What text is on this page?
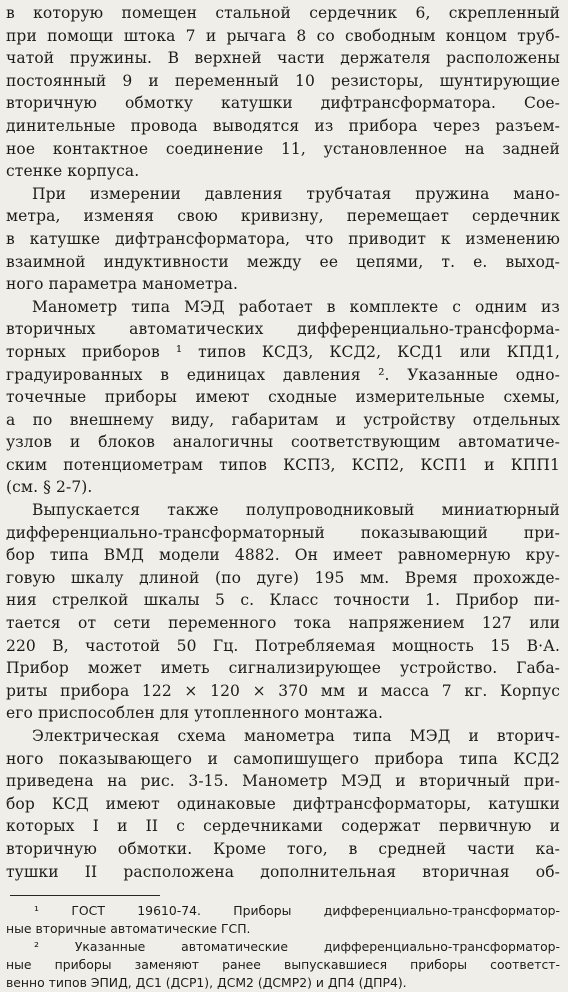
в которую помещен стальной сердечник 6, скрепленный
при помощи штока 7 и рычага 8 со свободным концом труб-
чатой пружины. В верхней части держателя расположены
постоянный 9 и переменный 10 резисторы, шунтирующие
вторичную обмотку катушки дифтрансформатора. Сое-
динительные провода выводятся из прибора через разъем-
ное контактное соединение 11, установленное на задней
стенке корпуса.
При измерении давления трубчатая пружина мано-
метра, изменяя свою кривизну, перемещает сердечник
в катушке дифтрансформатора, что приводит к изменению
взаимной индуктивности между ее цепями, т. е. выход-
ного параметра манометра.
Манометр типа МЭД работает в комплекте с одним из
вторичных автоматических дифференциально-трансформа-
торных приборов ¹ типов КСДЗ, КСД2, КСД1 или КПД1,
градуированных в единицах давления ². Указанные одно-
точечные приборы имеют сходные измерительные схемы,
а по внешнему виду, габаритам и устройству отдельных
узлов и блоков аналогичны соответствующим автоматиче-
ским потенциометрам типов КСПЗ, КСП2, КСП1 и КПП1
(см. § 2-7).
Выпускается также полупроводниковый миниатюрный
дифференциально-трансформаторный показывающий при-
бор типа ВМД модели 4882. Он имеет равномерную кру-
говую шкалу длиной (по дуге) 195 мм. Время прохожде-
ния стрелкой шкалы 5 с. Класс точности 1. Прибор пи-
тается от сети переменного тока напряжением 127 или
220 В, частотой 50 Гц. Потребляемая мощность 15 В·А.
Прибор может иметь сигнализирующее устройство. Габа-
риты прибора 122 × 120 × 370 мм и масса 7 кг. Корпус
его приспособлен для утопленного монтажа.
Электрическая схема манометра типа МЭД и вторич-
ного показывающего и самопишущего прибора типа КСД2
приведена на рис. 3-15. Манометр МЭД и вторичный при-
бор КСД имеют одинаковые дифтрансформаторы, катушки
которых I и II с сердечниками содержат первичную и
вторичную обмотки. Кроме того, в средней части ка-
тушки II расположена дополнительная вторичная об-
¹ ГОСТ 19610-74. Приборы дифференциально-трансформатор-
ные вторичные автоматические ГСП.
² Указанные автоматические дифференциально-трансформатор-
ные приборы заменяют ранее выпускавшиеся приборы соответст-
венно типов ЭПИД, ДС1 (ДСР1), ДСМ2 (ДСМР2) и ДП4 (ДПР4).
